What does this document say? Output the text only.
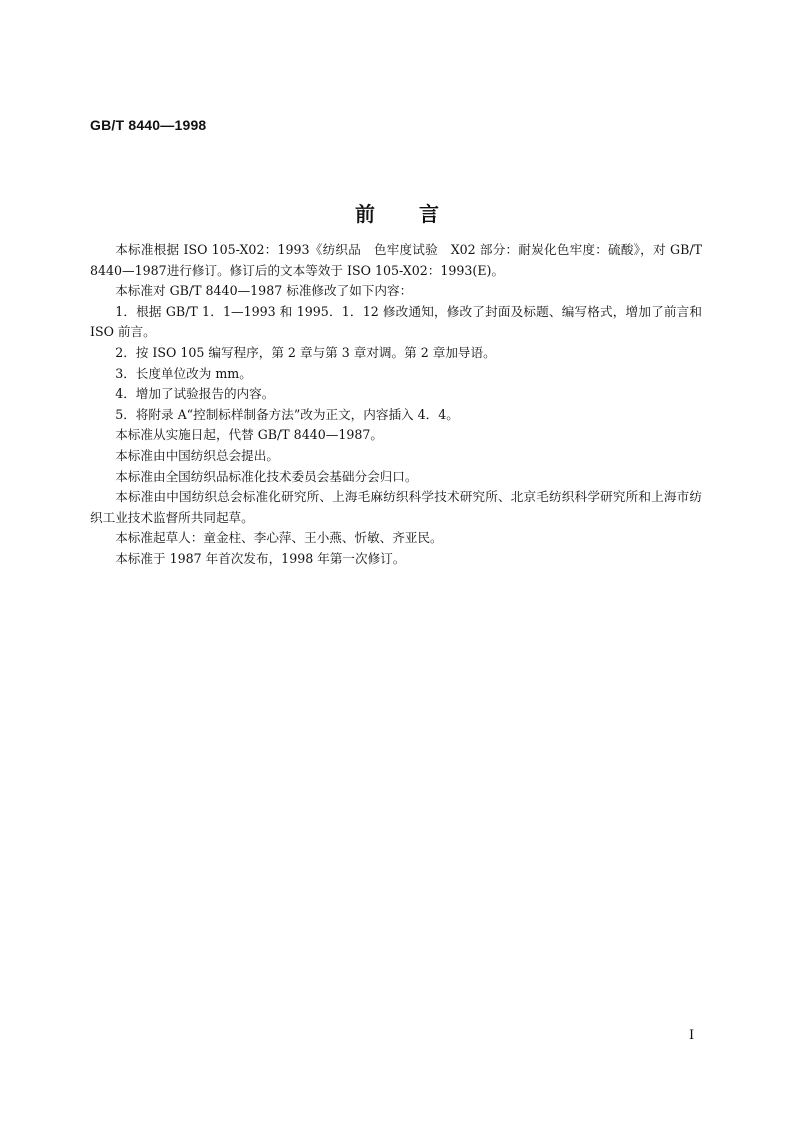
GB/T 8440—1998
前言

本标准根据 ISO 105-X02：1993《纺织品　色牢度试验　X02 部分：耐炭化色牢度：硫酸》，对 GB/T 8440—1987进行修订。修订后的文本等效于 ISO 105-X02：1993(E)。

本标准对 GB/T 8440—1987 标准修改了如下内容：

1．根据 GB/T 1．1—1993 和 1995．1．12 修改通知，修改了封面及标题、编写格式，增加了前言和 ISO 前言。

2．按 ISO 105 编写程序，第 2 章与第 3 章对调。第 2 章加导语。

3．长度单位改为 mm。

4．增加了试验报告的内容。

5．将附录 A“控制标样制备方法”改为正文，内容插入 4．4。

本标准从实施日起，代替 GB/T 8440—1987。

本标准由中国纺织总会提出。

本标准由全国纺织品标准化技术委员会基础分会归口。

本标准由中国纺织总会标准化研究所、上海毛麻纺织科学技术研究所、北京毛纺织科学研究所和上海市纺织工业技术监督所共同起草。

本标准起草人：童金柱、李心萍、王小燕、忻敏、齐亚民。

本标准于 1987 年首次发布，1998 年第一次修订。

I
